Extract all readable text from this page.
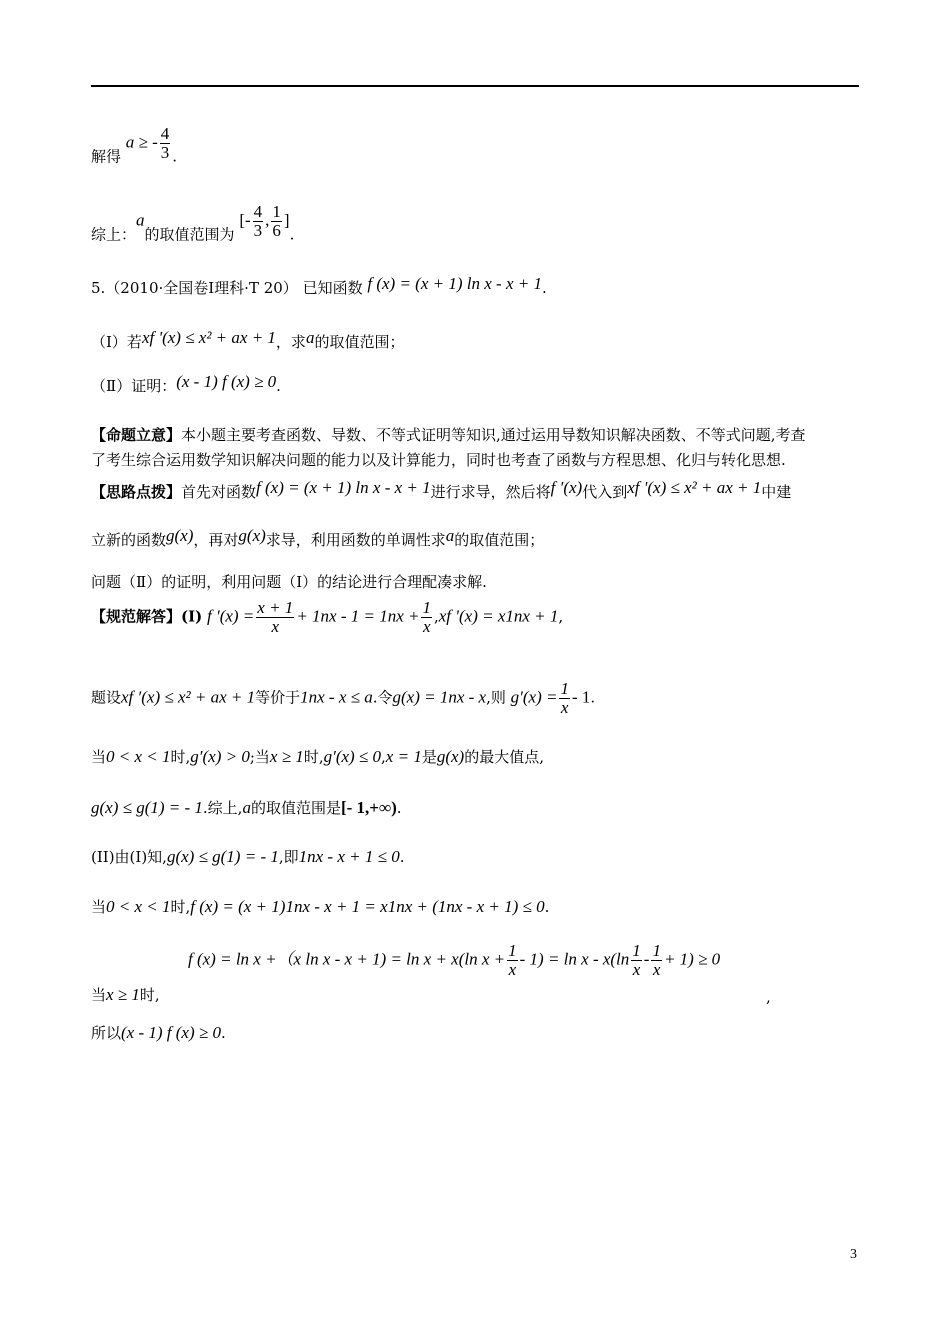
解得 a ≥ - $\frac{4}{3}$ .
综上：a的取值范围为 [- $\frac{4}{3}$ , $\frac{1}{6}$ ].
5.（2010·全国卷Ⅰ理科·T 20） 已知函数 f (x) = (x + 1) ln x - x + 1.
（Ⅰ）若xf '(x) ≤ x² + ax + 1，求a的取值范围；
（Ⅱ）证明：(x - 1) f (x) ≥ 0.
【命题立意】本小题主要考查函数、导数、不等式证明等知识,通过运用导数知识解决函数、不等式问题,考查
了考生综合运用数学知识解决问题的能力以及计算能力，同时也考查了函数与方程思想、化归与转化思想.
【思路点拨】首先对函数f (x) = (x + 1) ln x - x + 1进行求导，然后将f ′(x)代入到xf '(x) ≤ x² + ax + 1中建
立新的函数g(x)，再对g(x)求导，利用函数的单调性求a的取值范围；
问题（Ⅱ）的证明，利用问题（Ⅰ）的结论进行合理配凑求解.
【规范解答】(I) f $'(x) = \frac{x + 1}{x} + 1nx - 1 = 1nx + \frac{1}{x} ,xf$ ′(x) = x1nx + 1,
题设xf ′(x) ≤ x² + ax + 1等价于1nx - x ≤ a.令g(x) = 1nx - x,则 $g'(x) = \frac{1}{x} - 1$.
当0 < x < 1时,g′(x) > 0;当x ≥ 1时,g′(x) ≤ 0,x = 1是g(x)的最大值点,
g(x) ≤ g(1) = - 1.综上,a的取值范围是[- 1,+∞).
(II)由(I)知,g(x) ≤ g(1) = - 1,即1nx - x + 1 ≤ 0.
当0 < x < 1时,f (x) = (x + 1)1nx - x + 1 = x1nx + (1nx - x + 1) ≤ 0.
f (x) = ln x +（x ln x - x + 1) = ln x + x(ln $x + \frac{1}{x} - 1) = \ln x - x(\ln \frac{1}{x} - \frac{1}{x} + 1) \ge 0$
当x ≥ 1时,	,
所以(x - 1) f (x) ≥ 0.
3
